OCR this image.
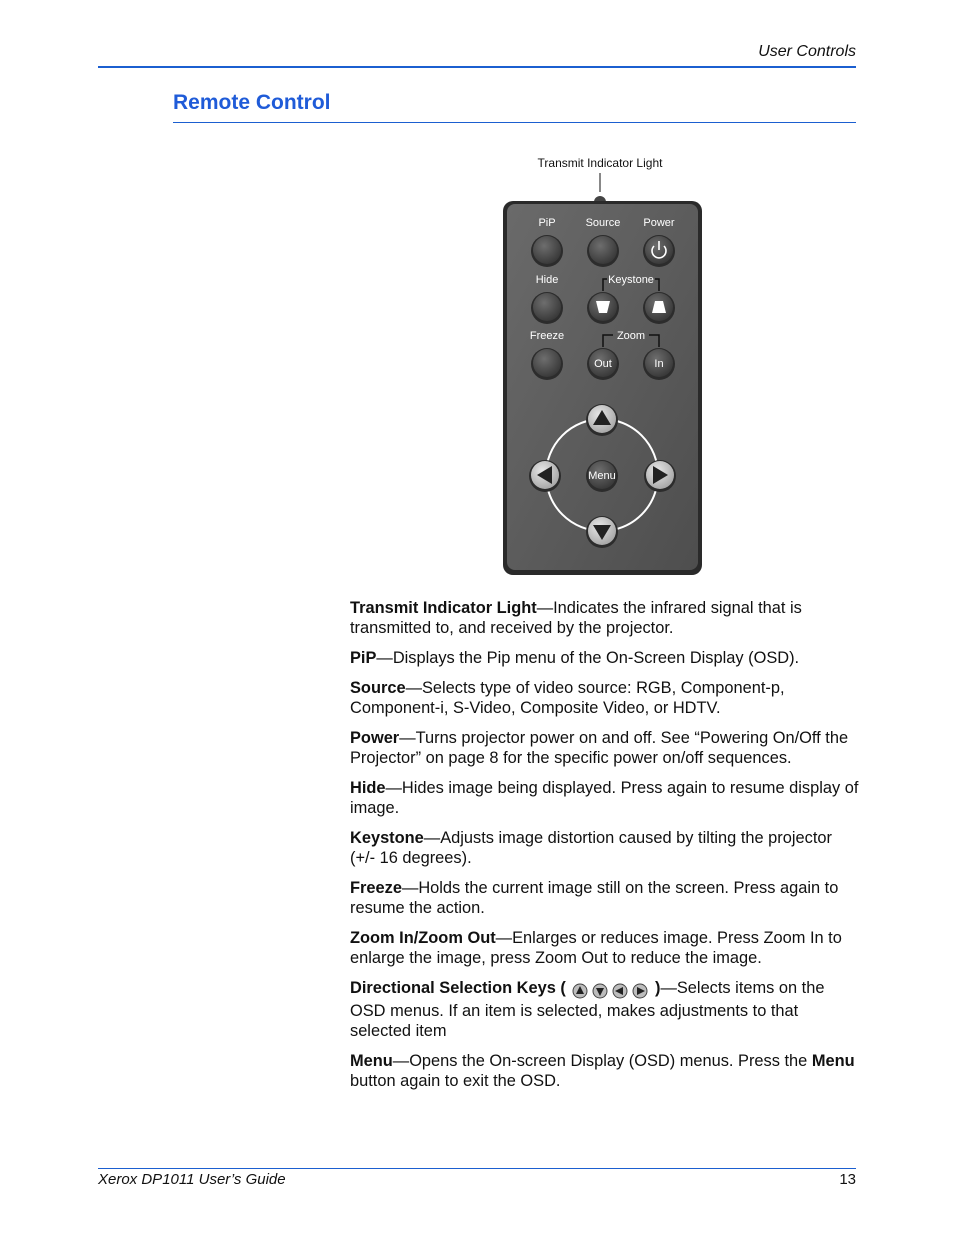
User Controls
Remote Control
Transmit Indicator Light
PiP	Source Power
Hide	Keystone
Freeze	Zoom
Out	In
Menu

Transmit Indicator Light—Indicates the infrared signal that is transmitted to, and received by the projector.

PiP—Displays the Pip menu of the On-Screen Display (OSD).

Source—Selects type of video source: RGB, Component-p, Component-i, S-Video, Composite Video, or HDTV.

Power—Turns projector power on and off. See “Powering On/Off the Projector” on page 8 for the specific power on/off sequences.

Hide—Hides image being displayed. Press again to resume display of image.

Keystone—Adjusts image distortion caused by tilting the projector (+/- 16 degrees).

Freeze—Holds the current image still on the screen. Press again to resume the action.

Zoom In/Zoom Out—Enlarges or reduces image. Press Zoom In to enlarge the image, press Zoom Out to reduce the image.

Directional Selection Keys (	)—Selects items on the OSD menus. If an item is selected, makes adjustments to that selected item

Menu—Opens the On-screen Display (OSD) menus. Press the Menu button again to exit the OSD.

Xerox DP1011 User’s Guide	13
